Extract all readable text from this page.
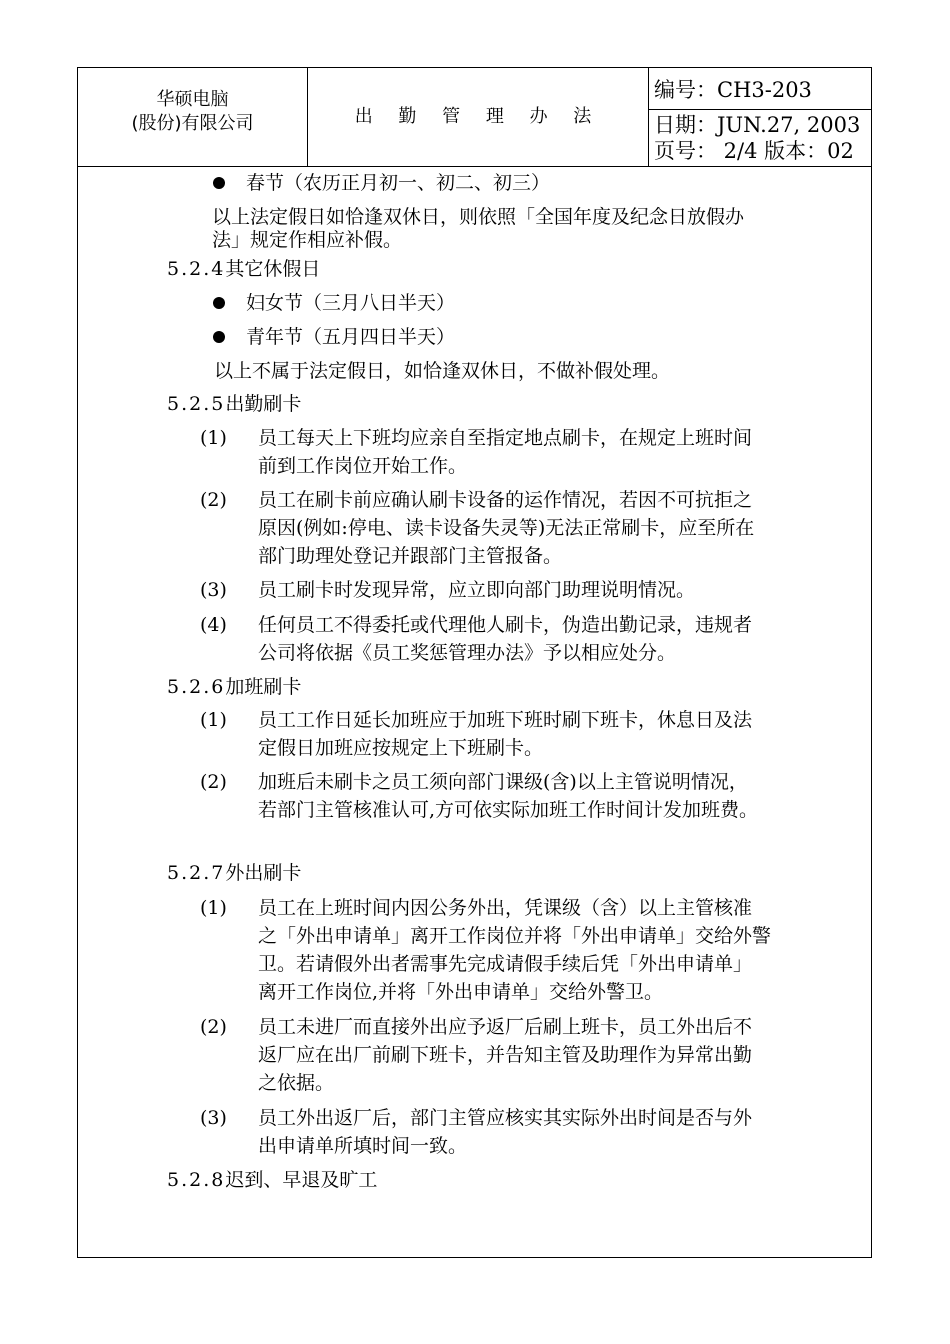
华硕电脑
(股份)有限公司	出 勤 管 理 办 法
编号：CH3-203
日期：JUN.27, 2003
页号： 2/4 版本：02
春节（农历正月初一、初二、初三）
以上法定假日如恰逢双休日，则依照「全国年度及纪念日放假办
法」规定作相应补假。
5.2.4其它休假日
妇女节（三月八日半天）
青年节（五月四日半天）
以上不属于法定假日，如恰逢双休日，不做补假处理。
5.2.5出勤刷卡
(1) 员工每天上下班均应亲自至指定地点刷卡，在规定上班时间
前到工作岗位开始工作。
(2) 员工在刷卡前应确认刷卡设备的运作情况，若因不可抗拒之
原因(例如:停电、读卡设备失灵等)无法正常刷卡，应至所在
部门助理处登记并跟部门主管报备。
(3) 员工刷卡时发现异常，应立即向部门助理说明情况。
(4) 任何员工不得委托或代理他人刷卡，伪造出勤记录，违规者
公司将依据《员工奖惩管理办法》予以相应处分。
5.2.6加班刷卡
(1) 员工工作日延长加班应于加班下班时刷下班卡，休息日及法
定假日加班应按规定上下班刷卡。
(2) 加班后未刷卡之员工须向部门课级(含)以上主管说明情况，
若部门主管核准认可,方可依实际加班工作时间计发加班费。
5.2.7外出刷卡
(1) 员工在上班时间内因公务外出，凭课级（含）以上主管核准
之「外出申请单」离开工作岗位并将「外出申请单」交给外警
卫。若请假外出者需事先完成请假手续后凭「外出申请单」
离开工作岗位,并将「外出申请单」交给外警卫。
(2) 员工未进厂而直接外出应予返厂后刷上班卡，员工外出后不
返厂应在出厂前刷下班卡，并告知主管及助理作为异常出勤
之依据。
(3) 员工外出返厂后，部门主管应核实其实际外出时间是否与外
出申请单所填时间一致。
5.2.8迟到、早退及旷工
